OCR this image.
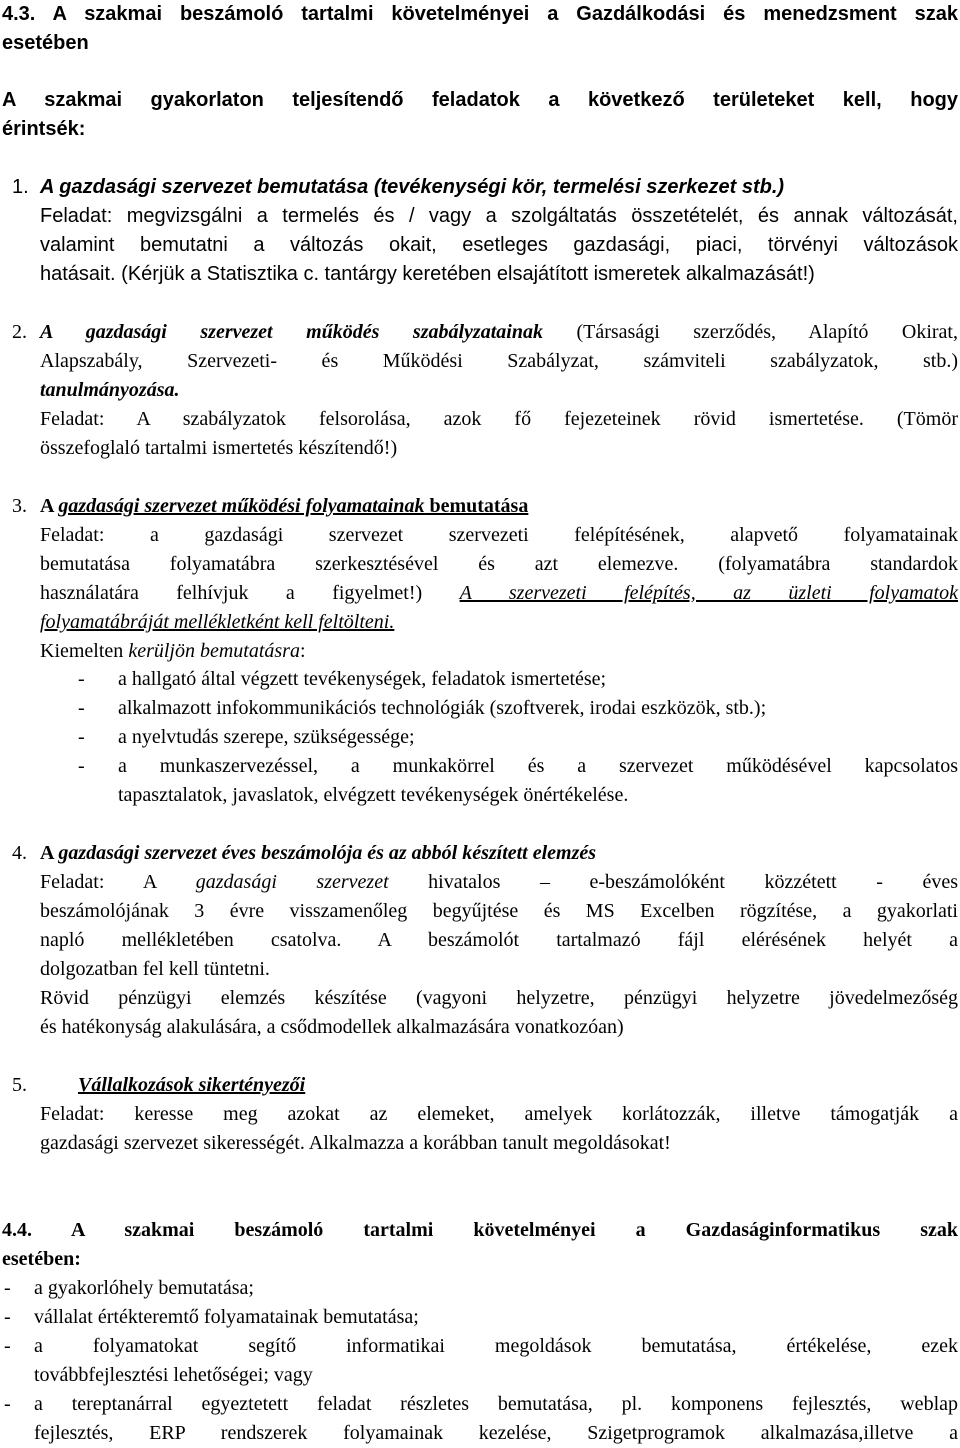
4.3. A szakmai beszámoló tartalmi követelményei a Gazdálkodási és menedzsment szak
esetében
A szakmai gyakorlaton teljesítendő feladatok a következő területeket kell, hogy
érintsék:
1. A gazdasági szervezet bemutatása (tevékenységi kör, termelési szerkezet stb.)
Feladat: megvizsgálni a termelés és / vagy a szolgáltatás összetételét, és annak változását,
valamint bemutatni a változás okait, esetleges gazdasági, piaci, törvényi változások
hatásait. (Kérjük a Statisztika c. tantárgy keretében elsajátított ismeretek alkalmazását!)
2. A gazdasági szervezet működés szabályzatainak (Társasági szerződés, Alapító Okirat,
Alapszabály, Szervezeti- és Működési Szabályzat, számviteli szabályzatok, stb.)
tanulmányozása.
Feladat: A szabályzatok felsorolása, azok fő fejezeteinek rövid ismertetése. (Tömör
összefoglaló tartalmi ismertetés készítendő!)
3. A gazdasági szervezet működési folyamatainak bemutatása
Feladat: a gazdasági szervezet szervezeti felépítésének, alapvető folyamatainak
bemutatása folyamatábra szerkesztésével és azt elemezve. (folyamatábra standardok
használatára felhívjuk a figyelmet!) A szervezeti felépítés, az üzleti folyamatok
folyamatábráját mellékletként kell feltölteni.
Kiemelten kerüljön bemutatásra:
-	a hallgató által végzett tevékenységek, feladatok ismertetése;
-	alkalmazott infokommunikációs technológiák (szoftverek, irodai eszközök, stb.);
-	a nyelvtudás szerepe, szükségessége;
-	a munkaszervezéssel, a munkakörrel és a szervezet működésével kapcsolatos
tapasztalatok, javaslatok, elvégzett tevékenységek önértékelése.
4. A gazdasági szervezet éves beszámolója és az abból készített elemzés
Feladat: A gazdasági szervezet hivatalos – e-beszámolóként közzétett - éves
beszámolójának 3 évre visszamenőleg begyűjtése és MS Excelben rögzítése, a gyakorlati
napló mellékletében csatolva. A beszámolót tartalmazó fájl elérésének helyét a
dolgozatban fel kell tüntetni.
Rövid pénzügyi elemzés készítése (vagyoni helyzetre, pénzügyi helyzetre jövedelmezőség
és hatékonyság alakulására, a csődmodellek alkalmazására vonatkozóan)
5.	Vállalkozások sikertényezői
Feladat: keresse meg azokat az elemeket, amelyek korlátozzák, illetve támogatják a
gazdasági szervezet sikerességét. Alkalmazza a korábban tanult megoldásokat!
4.4. A szakmai beszámoló tartalmi követelményei a Gazdaságinformatikus szak
esetében:
-	a gyakorlóhely bemutatása;
-	vállalat értékteremtő folyamatainak bemutatása;
-	a folyamatokat segítő informatikai megoldások bemutatása, értékelése, ezek
továbbfejlesztési lehetőségei; vagy
-	a tereptanárral egyeztetett feladat részletes bemutatása, pl. komponens fejlesztés, weblap
fejlesztés, ERP rendszerek folyamainak kezelése, Szigetprogramok alkalmazása,illetve a
